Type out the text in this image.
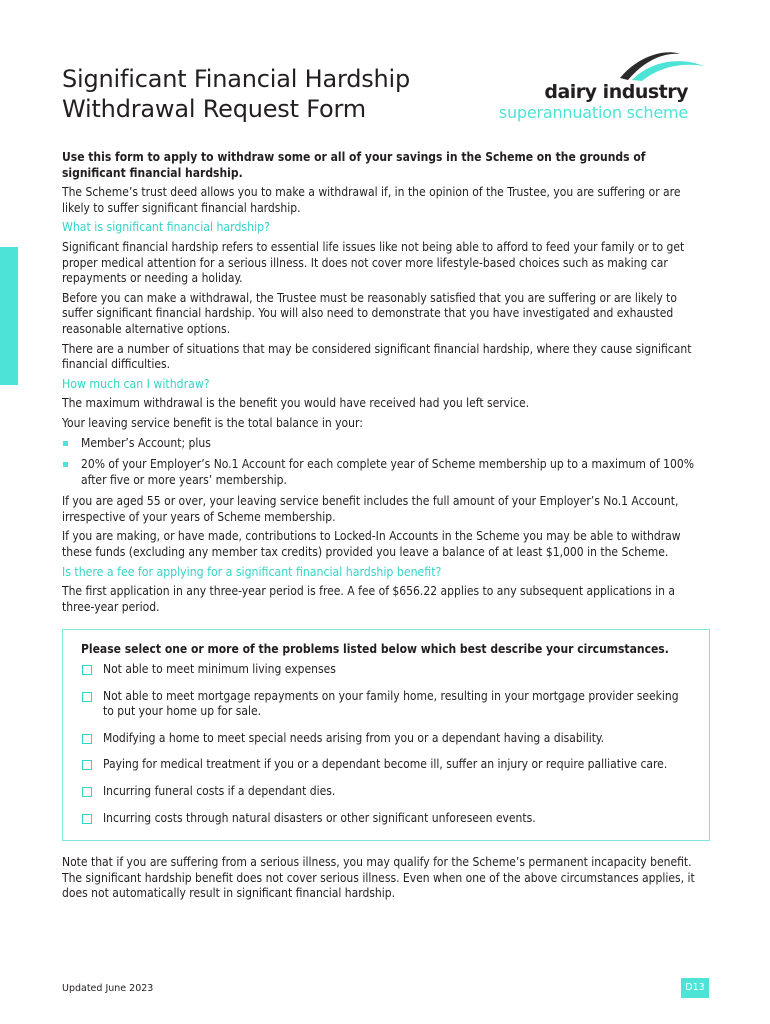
Significant Financial Hardship
Withdrawal Request Form
dairy industry
superannuation scheme

Use this form to apply to withdraw some or all of your savings in the Scheme on the grounds of significant financial hardship.

The Scheme’s trust deed allows you to make a withdrawal if, in the opinion of the Trustee, you are suffering or are likely to suffer significant financial hardship.

What is significant financial hardship?

Significant financial hardship refers to essential life issues like not being able to afford to feed your family or to get proper medical attention for a serious illness. It does not cover more lifestyle-based choices such as making car repayments or needing a holiday.

Before you can make a withdrawal, the Trustee must be reasonably satisfied that you are suffering or are likely to suffer significant financial hardship. You will also need to demonstrate that you have investigated and exhausted reasonable alternative options.

There are a number of situations that may be considered significant financial hardship, where they cause significant financial difficulties.

How much can I withdraw?

The maximum withdrawal is the benefit you would have received had you left service.

Your leaving service benefit is the total balance in your:

Member’s Account; plus
20% of your Employer’s No.1 Account for each complete year of Scheme membership up to a maximum of 100% after five or more years’ membership.

If you are aged 55 or over, your leaving service benefit includes the full amount of your Employer’s No.1 Account, irrespective of your years of Scheme membership.

If you are making, or have made, contributions to Locked-In Accounts in the Scheme you may be able to withdraw these funds (excluding any member tax credits) provided you leave a balance of at least $1,000 in the Scheme.

Is there a fee for applying for a significant financial hardship benefit?

The first application in any three-year period is free. A fee of $656.22 applies to any subsequent applications in a three-year period.

Please select one or more of the problems listed below which best describe your circumstances.

Not able to meet minimum living expenses
Not able to meet mortgage repayments on your family home, resulting in your mortgage provider seeking to put your home up for sale.
Modifying a home to meet special needs arising from you or a dependant having a disability.
Paying for medical treatment if you or a dependant become ill, suffer an injury or require palliative care.
Incurring funeral costs if a dependant dies.
Incurring costs through natural disasters or other significant unforeseen events.

Note that if you are suffering from a serious illness, you may qualify for the Scheme’s permanent incapacity benefit. The significant hardship benefit does not cover serious illness. Even when one of the above circumstances applies, it does not automatically result in significant financial hardship.

Updated June 2023	D13
